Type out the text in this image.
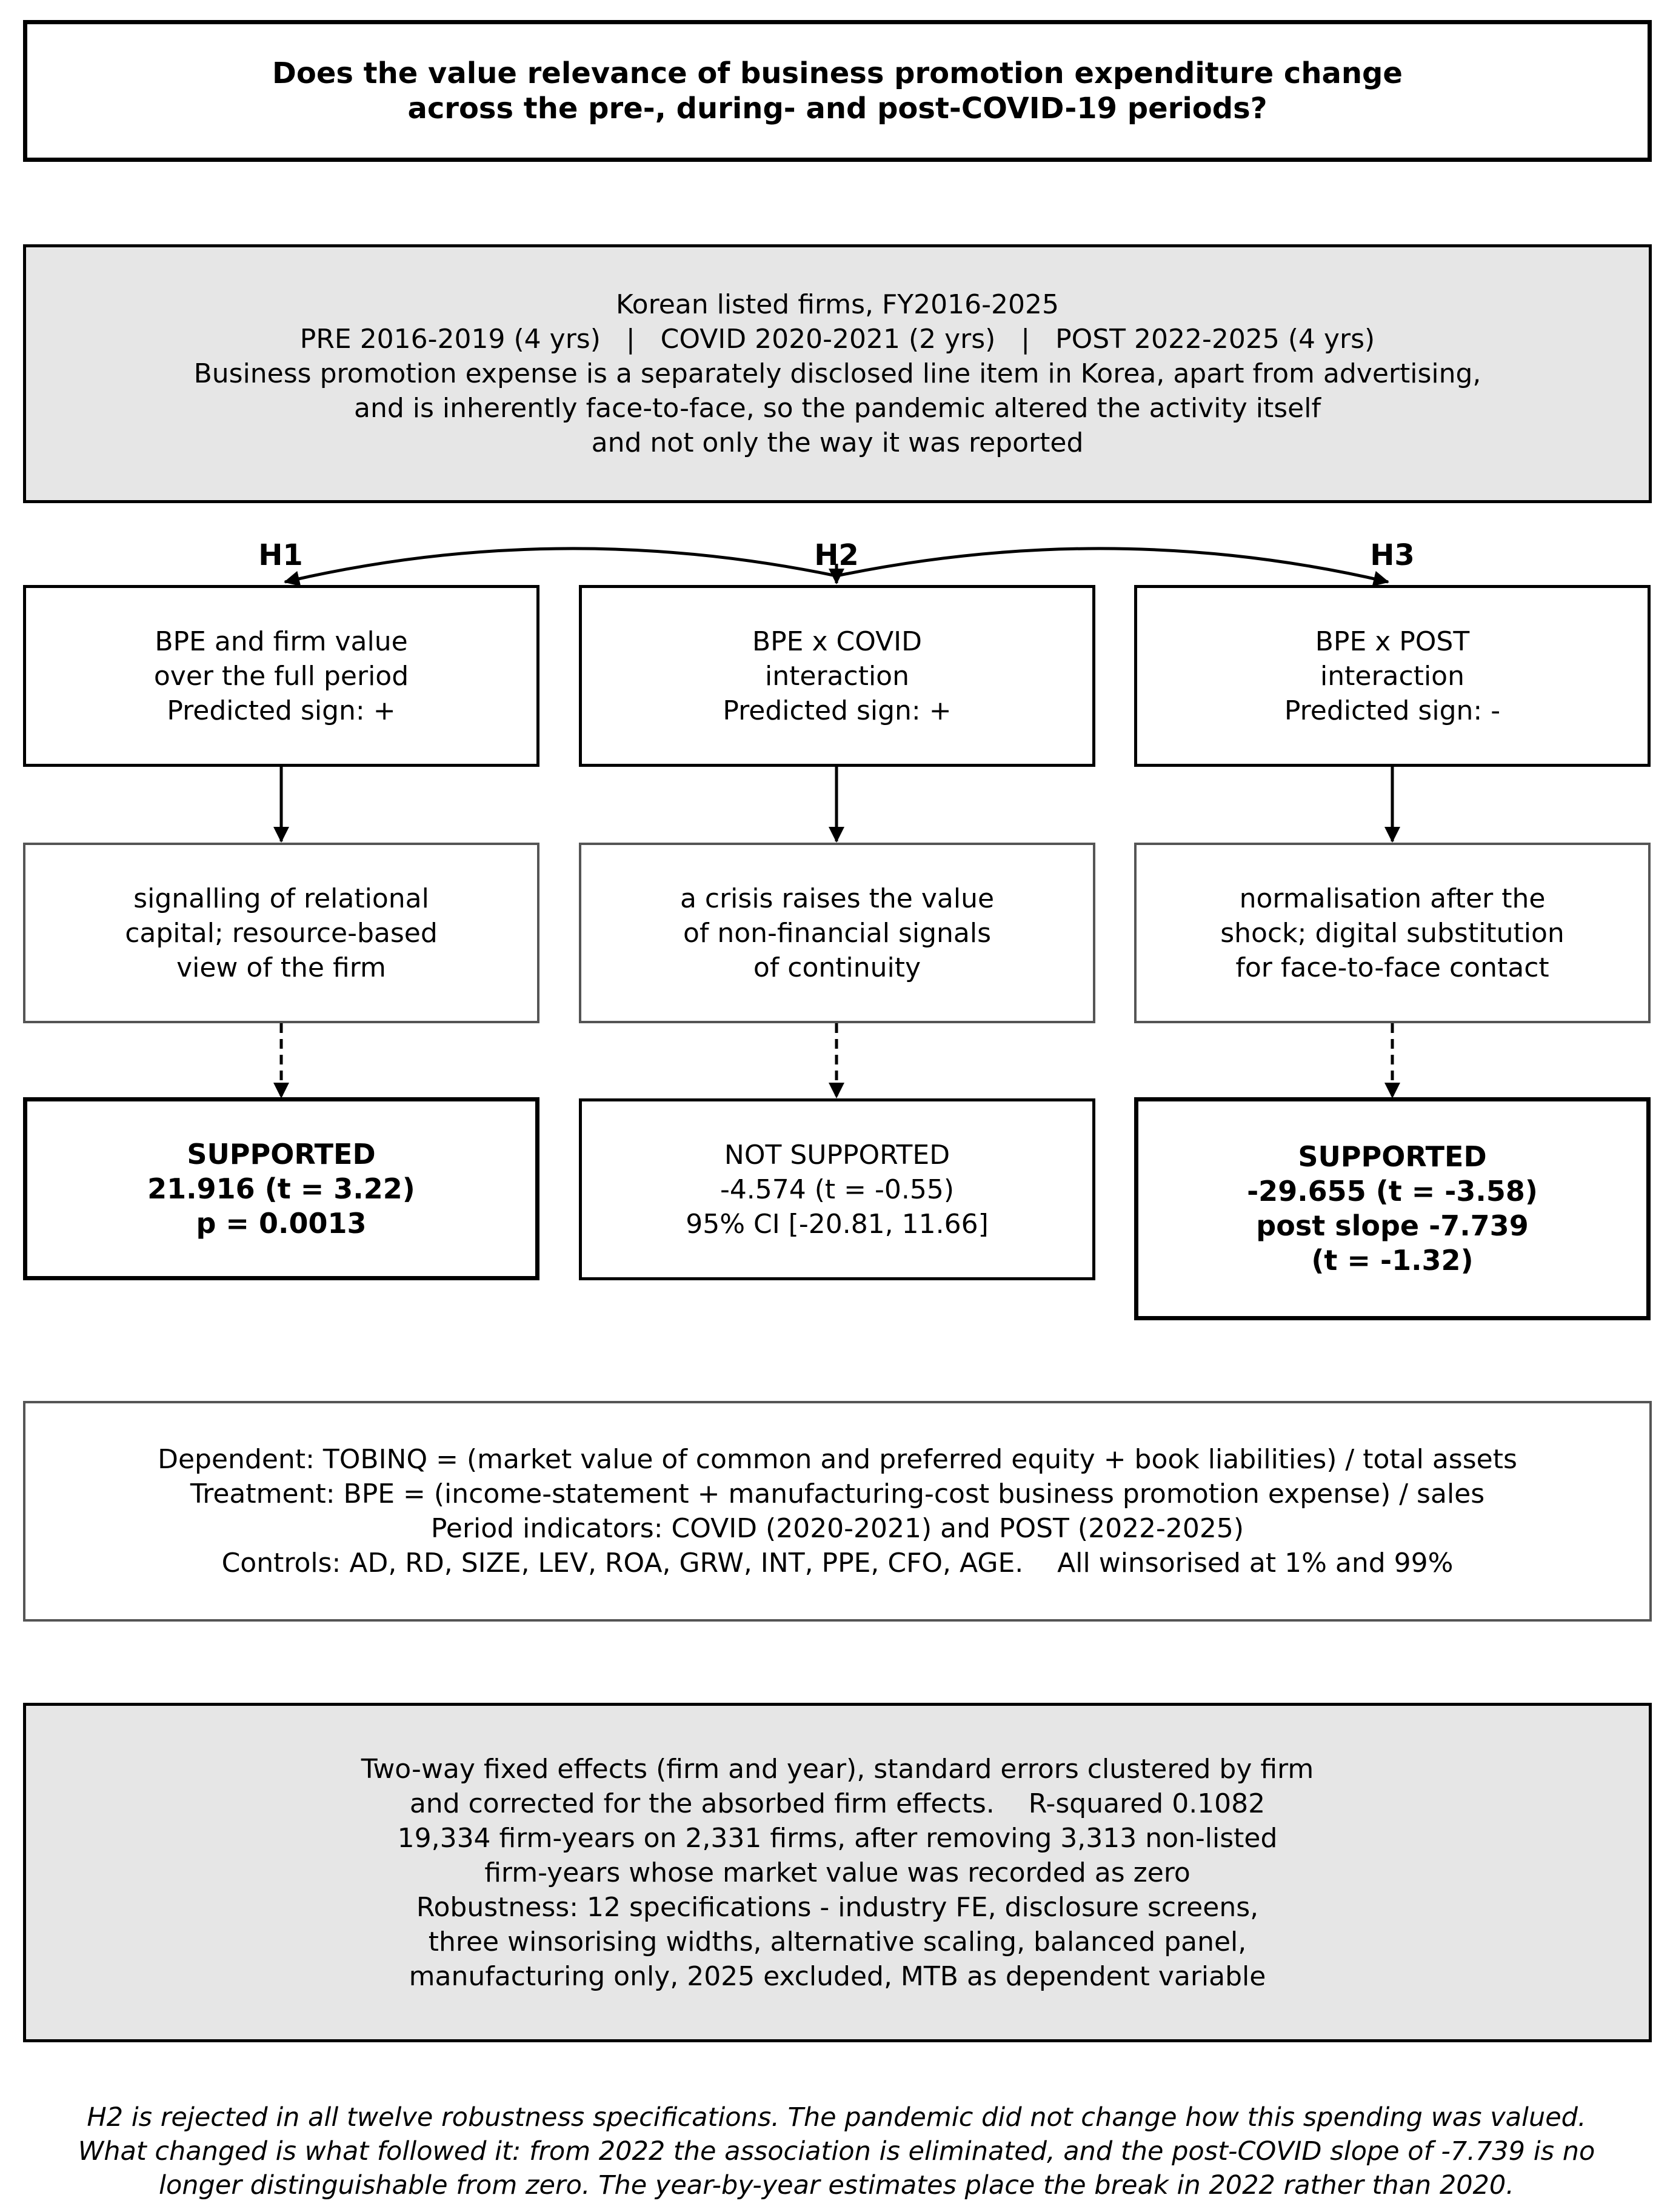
Does the value relevance of business promotion expenditure change
across the pre-, during- and post-COVID-19 periods?
Korean listed firms, FY2016-2025
PRE 2016-2019 (4 yrs)   |   COVID 2020-2021 (2 yrs)   |   POST 2022-2025 (4 yrs)
Business promotion expense is a separately disclosed line item in Korea, apart from advertising,
and is inherently face-to-face, so the pandemic altered the activity itself
and not only the way it was reported
H1	H2	H3
BPE and firm value
over the full period
Predicted sign: +
BPE x COVID
interaction
Predicted sign: +
BPE x POST
interaction
Predicted sign: -
signalling of relational
capital; resource-based
view of the firm
a crisis raises the value
of non-financial signals
of continuity
normalisation after the
shock; digital substitution
for face-to-face contact
SUPPORTED
21.916 (t = 3.22)
p = 0.0013
NOT SUPPORTED
-4.574 (t = -0.55)
95% CI [-20.81, 11.66]
SUPPORTED
-29.655 (t = -3.58)
post slope -7.739
(t = -1.32)
Dependent: TOBINQ = (market value of common and preferred equity + book liabilities) / total assets
Treatment: BPE = (income-statement + manufacturing-cost business promotion expense) / sales
Period indicators: COVID (2020-2021) and POST (2022-2025)
Controls: AD, RD, SIZE, LEV, ROA, GRW, INT, PPE, CFO, AGE.    All winsorised at 1% and 99%
Two-way fixed effects (firm and year), standard errors clustered by firm
and corrected for the absorbed firm effects.    R-squared 0.1082
19,334 firm-years on 2,331 firms, after removing 3,313 non-listed
firm-years whose market value was recorded as zero
Robustness: 12 specifications - industry FE, disclosure screens,
three winsorising widths, alternative scaling, balanced panel,
manufacturing only, 2025 excluded, MTB as dependent variable
H2 is rejected in all twelve robustness specifications. The pandemic did not change how this spending was valued.
What changed is what followed it: from 2022 the association is eliminated, and the post-COVID slope of -7.739 is no
longer distinguishable from zero. The year-by-year estimates place the break in 2022 rather than 2020.
